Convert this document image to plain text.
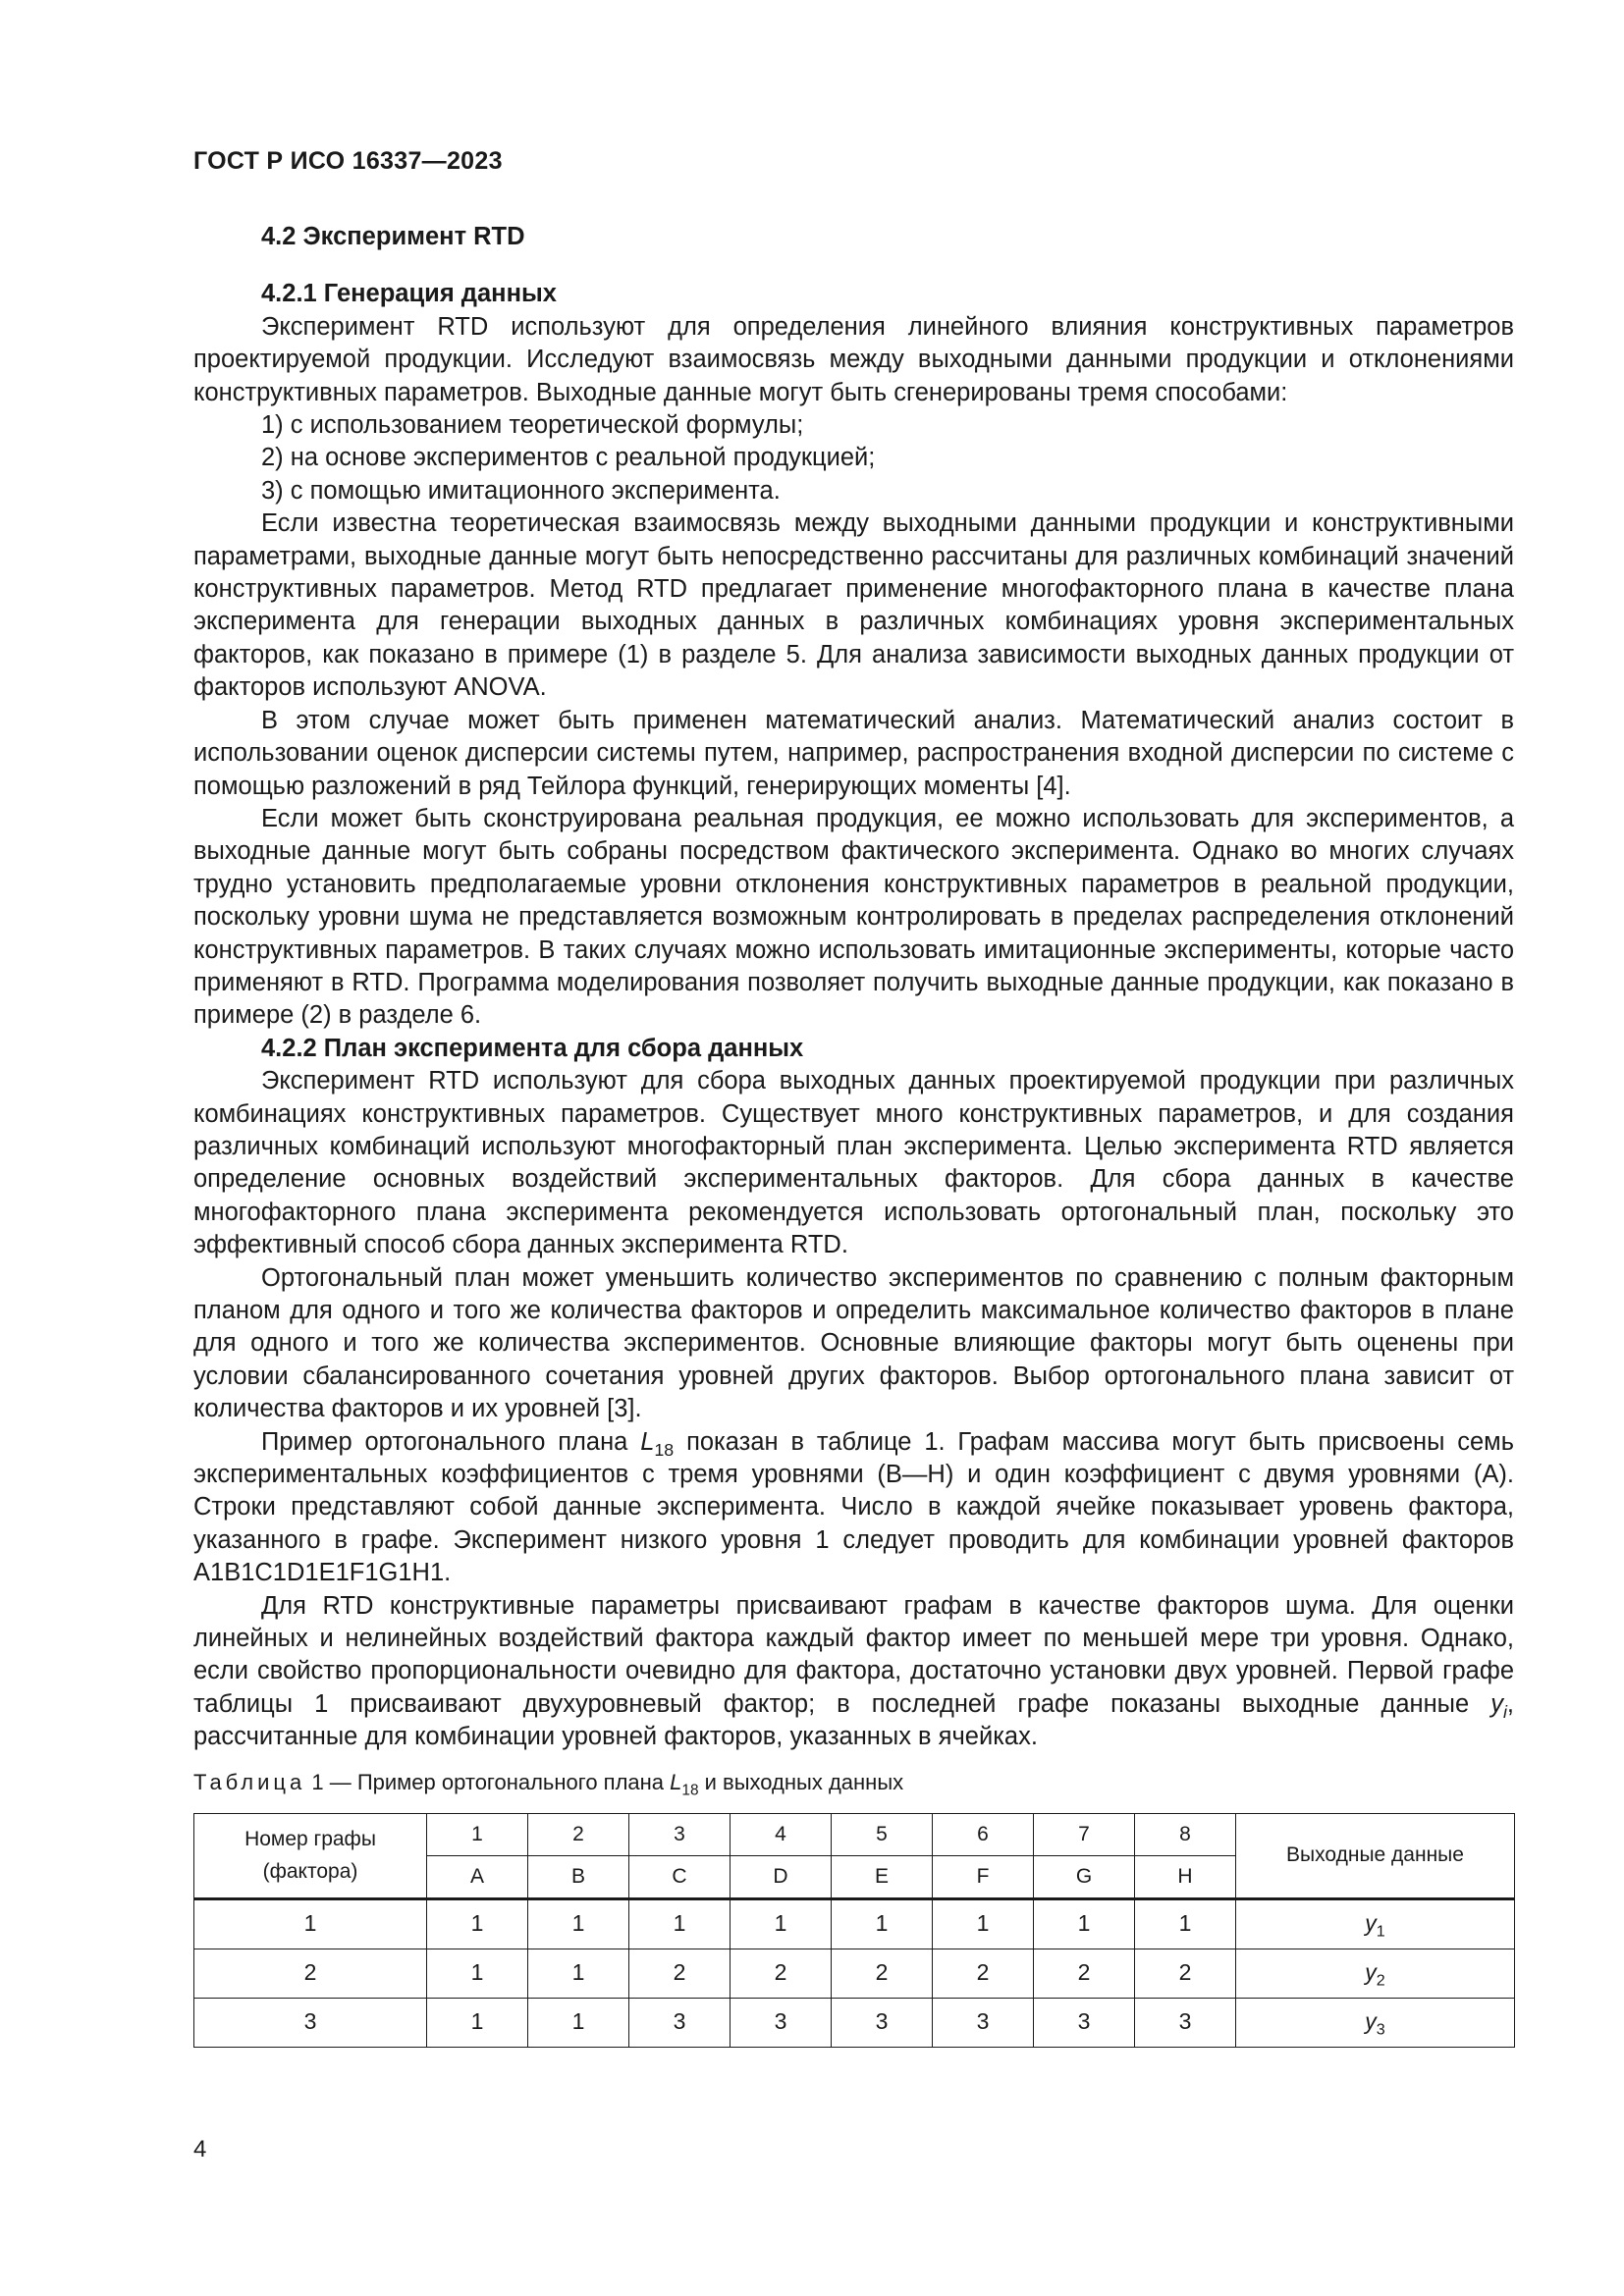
ГОСТ Р ИСО 16337—2023
4.2 Эксперимент RTD
4.2.1 Генерация данных

Эксперимент RTD используют для определения линейного влияния конструктивных параметров проектируемой продукции. Исследуют взаимосвязь между выходными данными продукции и отклонениями конструктивных параметров. Выходные данные могут быть сгенерированы тремя способами:

1) с использованием теоретической формулы;

2) на основе экспериментов с реальной продукцией;

3) с помощью имитационного эксперимента.

Если известна теоретическая взаимосвязь между выходными данными продукции и конструктивными параметрами, выходные данные могут быть непосредственно рассчитаны для различных комбинаций значений конструктивных параметров. Метод RTD предлагает применение многофакторного плана в качестве плана эксперимента для генерации выходных данных в различных комбинациях уровня экспериментальных факторов, как показано в примере (1) в разделе 5. Для анализа зависимости выходных данных продукции от факторов используют ANOVA.

В этом случае может быть применен математический анализ. Математический анализ состоит в использовании оценок дисперсии системы путем, например, распространения входной дисперсии по системе с помощью разложений в ряд Тейлора функций, генерирующих моменты [4].

Если может быть сконструирована реальная продукция, ее можно использовать для экспериментов, а выходные данные могут быть собраны посредством фактического эксперимента. Однако во многих случаях трудно установить предполагаемые уровни отклонения конструктивных параметров в реальной продукции, поскольку уровни шума не представляется возможным контролировать в пределах распределения отклонений конструктивных параметров. В таких случаях можно использовать имитационные эксперименты, которые часто применяют в RTD. Программа моделирования позволяет получить выходные данные продукции, как показано в примере (2) в разделе 6.

4.2.2 План эксперимента для сбора данных

Эксперимент RTD используют для сбора выходных данных проектируемой продукции при различных комбинациях конструктивных параметров. Существует много конструктивных параметров, и для создания различных комбинаций используют многофакторный план эксперимента. Целью эксперимента RTD является определение основных воздействий экспериментальных факторов. Для сбора данных в качестве многофакторного плана эксперимента рекомендуется использовать ортогональный план, поскольку это эффективный способ сбора данных эксперимента RTD.

Ортогональный план может уменьшить количество экспериментов по сравнению с полным факторным планом для одного и того же количества факторов и определить максимальное количество факторов в плане для одного и того же количества экспериментов. Основные влияющие факторы могут быть оценены при условии сбалансированного сочетания уровней других факторов. Выбор ортогонального плана зависит от количества факторов и их уровней [3].

Пример ортогонального плана $L_{18}$ показан в таблице 1. Графам массива могут быть присвоены семь экспериментальных коэффициентов с тремя уровнями (B—H) и один коэффициент с двумя уровнями (A). Строки представляют собой данные эксперимента. Число в каждой ячейке показывает уровень фактора, указанного в графе. Эксперимент низкого уровня 1 следует проводить для комбинации уровней факторов A1B1C1D1E1F1G1H1.

Для RTD конструктивные параметры присваивают графам в качестве факторов шума. Для оценки линейных и нелинейных воздействий фактора каждый фактор имеет по меньшей мере три уровня. Однако, если свойство пропорциональности очевидно для фактора, достаточно установки двух уровней. Первой графе таблицы 1 присваивают двухуровневый фактор; в последней графе показаны выходные данные $y_i$, рассчитанные для комбинации уровней факторов, указанных в ячейках.

Таблица 1 — Пример ортогонального плана $L_{18}$ и выходных данных
Номер графы (фактора)	1	2	3	4	5	6	7	8	Выходные данные
	A	B	C	D	E	F	G	H	
1	1	1	1	1	1	1	1	1	$y_1$
2	1	1	2	2	2	2	2	2	$y_2$
3	1	1	3	3	3	3	3	3	$y_3$
4
